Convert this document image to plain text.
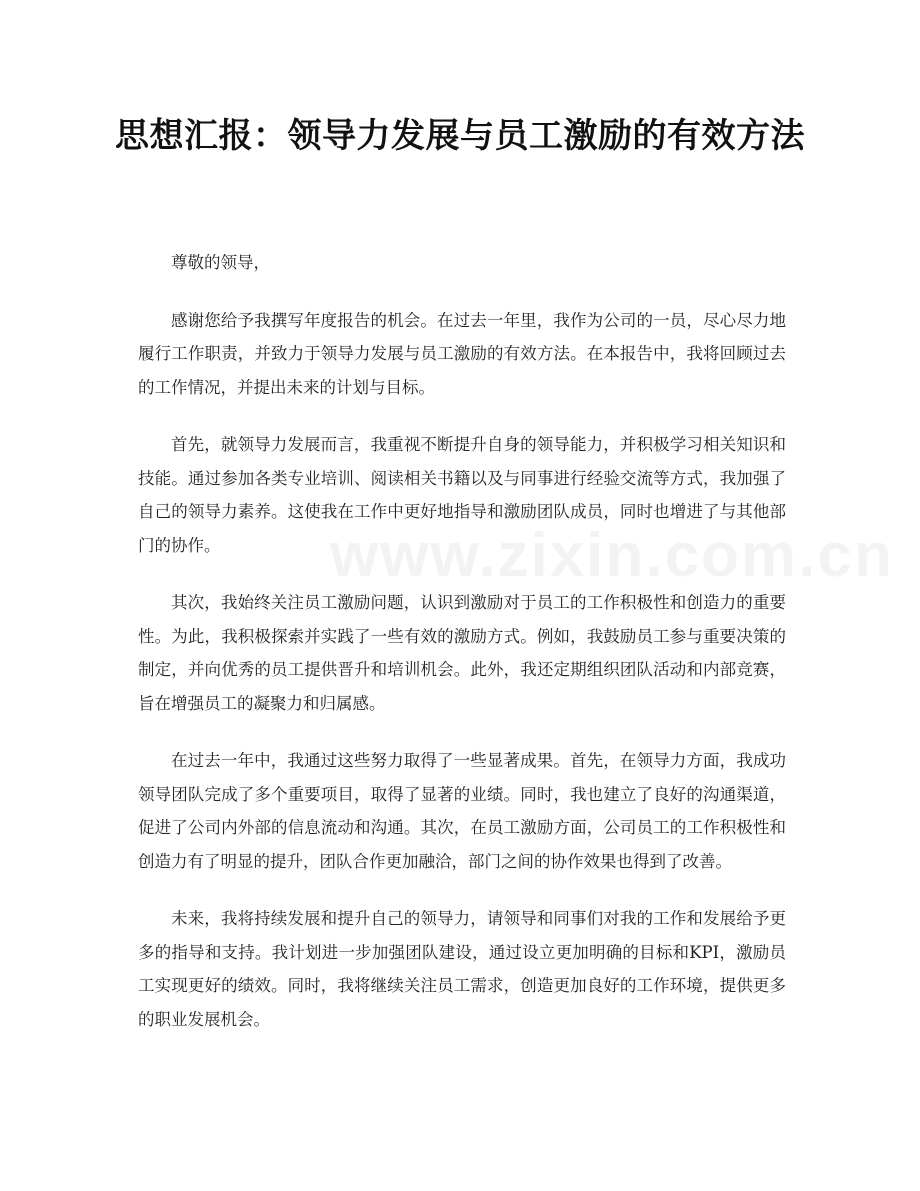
思想汇报：领导力发展与员工激励的有效方法
www.zixin.com.cn

尊敬的领导，

感谢您给予我撰写年度报告的机会。在过去一年里，我作为公司的一员，尽心尽力地履行工作职责，并致力于领导力发展与员工激励的有效方法。在本报告中，我将回顾过去的工作情况，并提出未来的计划与目标。

首先，就领导力发展而言，我重视不断提升自身的领导能力，并积极学习相关知识和技能。通过参加各类专业培训、阅读相关书籍以及与同事进行经验交流等方式，我加强了自己的领导力素养。这使我在工作中更好地指导和激励团队成员，同时也增进了与其他部门的协作。

其次，我始终关注员工激励问题，认识到激励对于员工的工作积极性和创造力的重要性。为此，我积极探索并实践了一些有效的激励方式。例如，我鼓励员工参与重要决策的制定，并向优秀的员工提供晋升和培训机会。此外，我还定期组织团队活动和内部竞赛，旨在增强员工的凝聚力和归属感。

在过去一年中，我通过这些努力取得了一些显著成果。首先，在领导力方面，我成功领导团队完成了多个重要项目，取得了显著的业绩。同时，我也建立了良好的沟通渠道，促进了公司内外部的信息流动和沟通。其次，在员工激励方面，公司员工的工作积极性和创造力有了明显的提升，团队合作更加融洽，部门之间的协作效果也得到了改善。

未来，我将持续发展和提升自己的领导力，请领导和同事们对我的工作和发展给予更多的指导和支持。我计划进一步加强团队建设，通过设立更加明确的目标和KPI，激励员工实现更好的绩效。同时，我将继续关注员工需求，创造更加良好的工作环境，提供更多的职业发展机会。
